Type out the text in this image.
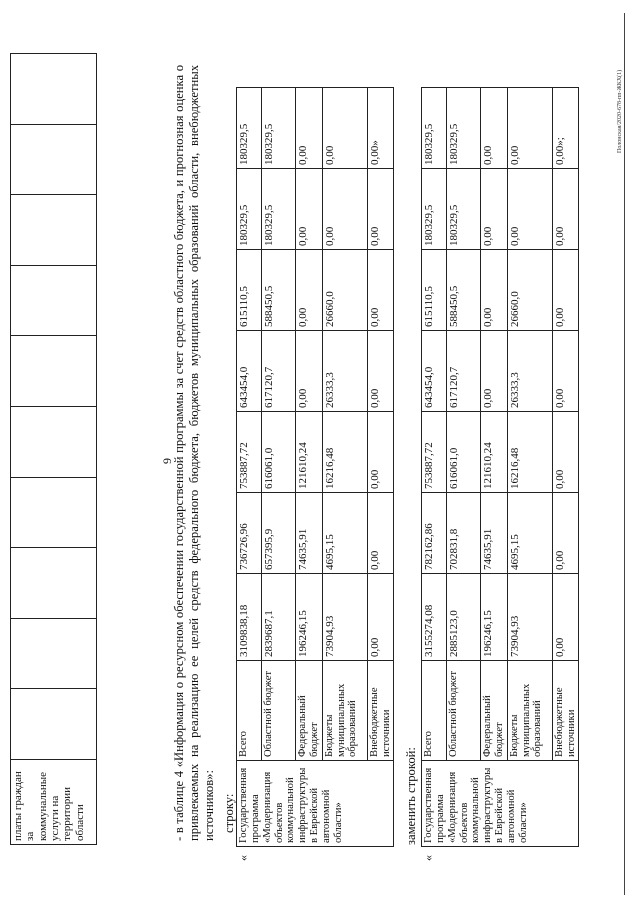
9
платы граждан за коммунальные услуги на территории области											- в таблице 4 «Информация о ресурсном обеспечении государственной программы за счет средств областного бюджета, и прогнозная оценка о привлекаемых на реализацию ее целей средств федерального бюджета, бюджетов муниципальных образований области, внебюджетных источников»: строку:
«
Государственная программа «Модернизация объектов коммунальной инфраструктуры в Еврейской автономной области»	Всего	3109838,18	736726,96	753887,72	643454,0	615110,5	180329,5	180329,5
	Областной бюджет	2839687,1	657395,9	616061,0	617120,7	588450,5	180329,5	180329,5
	Федеральный бюджет	196246,15	74635,91	121610,24	0,00	0,00	0,00	0,00
	Бюджеты муниципальных образований	73904,93	4695,15	16216,48	26333,3	26660,0	0,00	0,00
	Внебюджетные источники	0,00	0,00	0,00	0,00	0,00	0,00	0,00»
заменить строкой:
«
Государственная программа «Модернизация объектов коммунальной инфраструктуры в Еврейской автономной области»	Всего	3155274,08	782162,86	753887,72	643454,0	615110,5	180329,5	180329,5
	Областной бюджет	2885123,0	702831,8	616061,0	617120,7	588450,5	180329,5	180329,5
	Федеральный бюджет	196246,15	74635,91	121610,24	0,00	0,00	0,00	0,00
	Бюджеты муниципальных образований	73904,93	4695,15	16216,48	26333,3	26660,0	0,00	0,00
	Внебюджетные источники	0,00	0,00	0,00	0,00	0,00	0,00	0,00»;	Полонская/2020-678-пп-ЖКХ(1)
